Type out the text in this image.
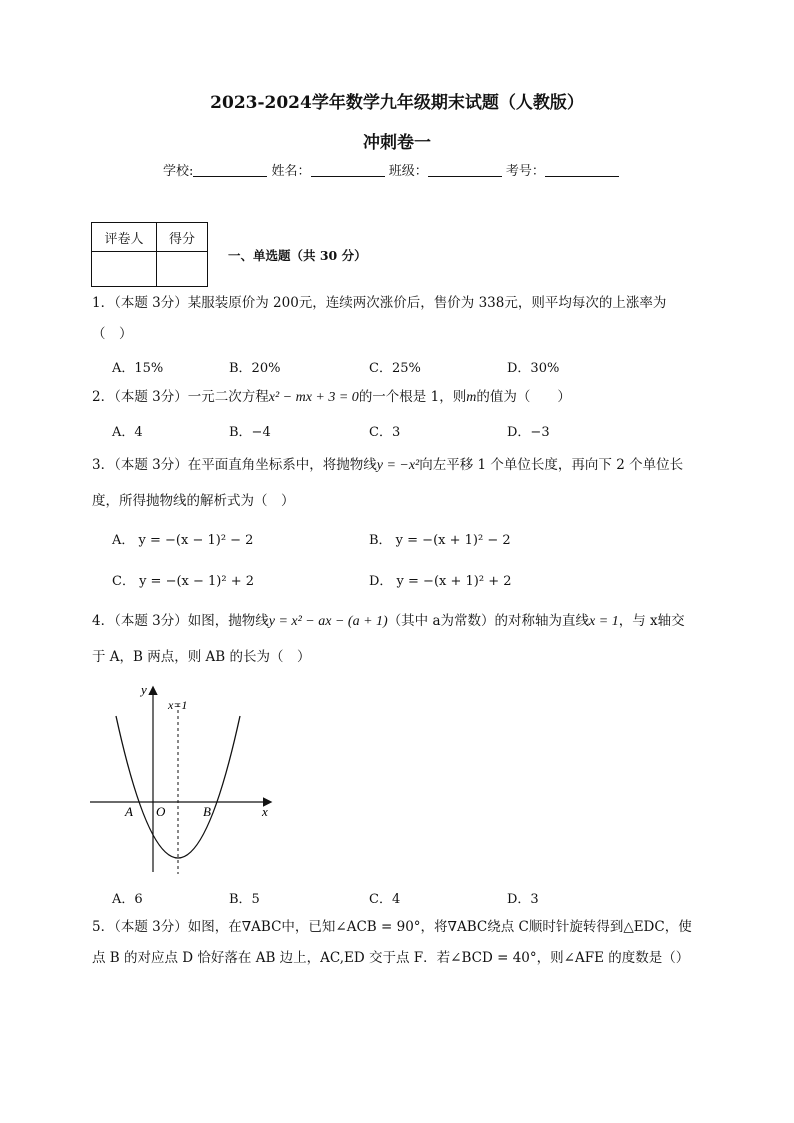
2023-2024学年数学九年级期末试题（人教版）
冲刺卷一
学校:	姓名：	班级：	考号：
评卷人	得分

一、单选题（共 30 分）
1．（本题 3分）某服装原价为 200元，连续两次涨价后，售价为 338元，则平均每次的上涨率为
（　）
A．15%	B．20%	C．25%	D．30%
2．（本题 3分）一元二次方程x² − mx + 3 = 0的一个根是 1，则m的值为（　　）
A．4	B．−4	C．3	D．−3
3．（本题 3分）在平面直角坐标系中，将抛物线y = −x²向左平移 1 个单位长度，再向下 2 个单位长
度，所得抛物线的解析式为（　）
A． y = −(x − 1)² − 2	B． y = −(x + 1)² − 2
C． y = −(x − 1)² + 2	D． y = −(x + 1)² + 2
4．（本题 3分）如图，抛物线y = x² − ax − (a + 1)（其中 a为常数）的对称轴为直线x = 1，与 x轴交
于 A，B 两点，则 AB 的长为（　）
y
x
x=1
A O	B
A．6	B．5	C．4	D．3
5．（本题 3分）如图，在∇ABC中，已知∠ACB = 90°，将∇ABC绕点 C顺时针旋转得到△EDC，使
点 B 的对应点 D 恰好落在 AB 边上，AC,ED 交于点 F．若∠BCD = 40°，则∠AFE 的度数是（）
